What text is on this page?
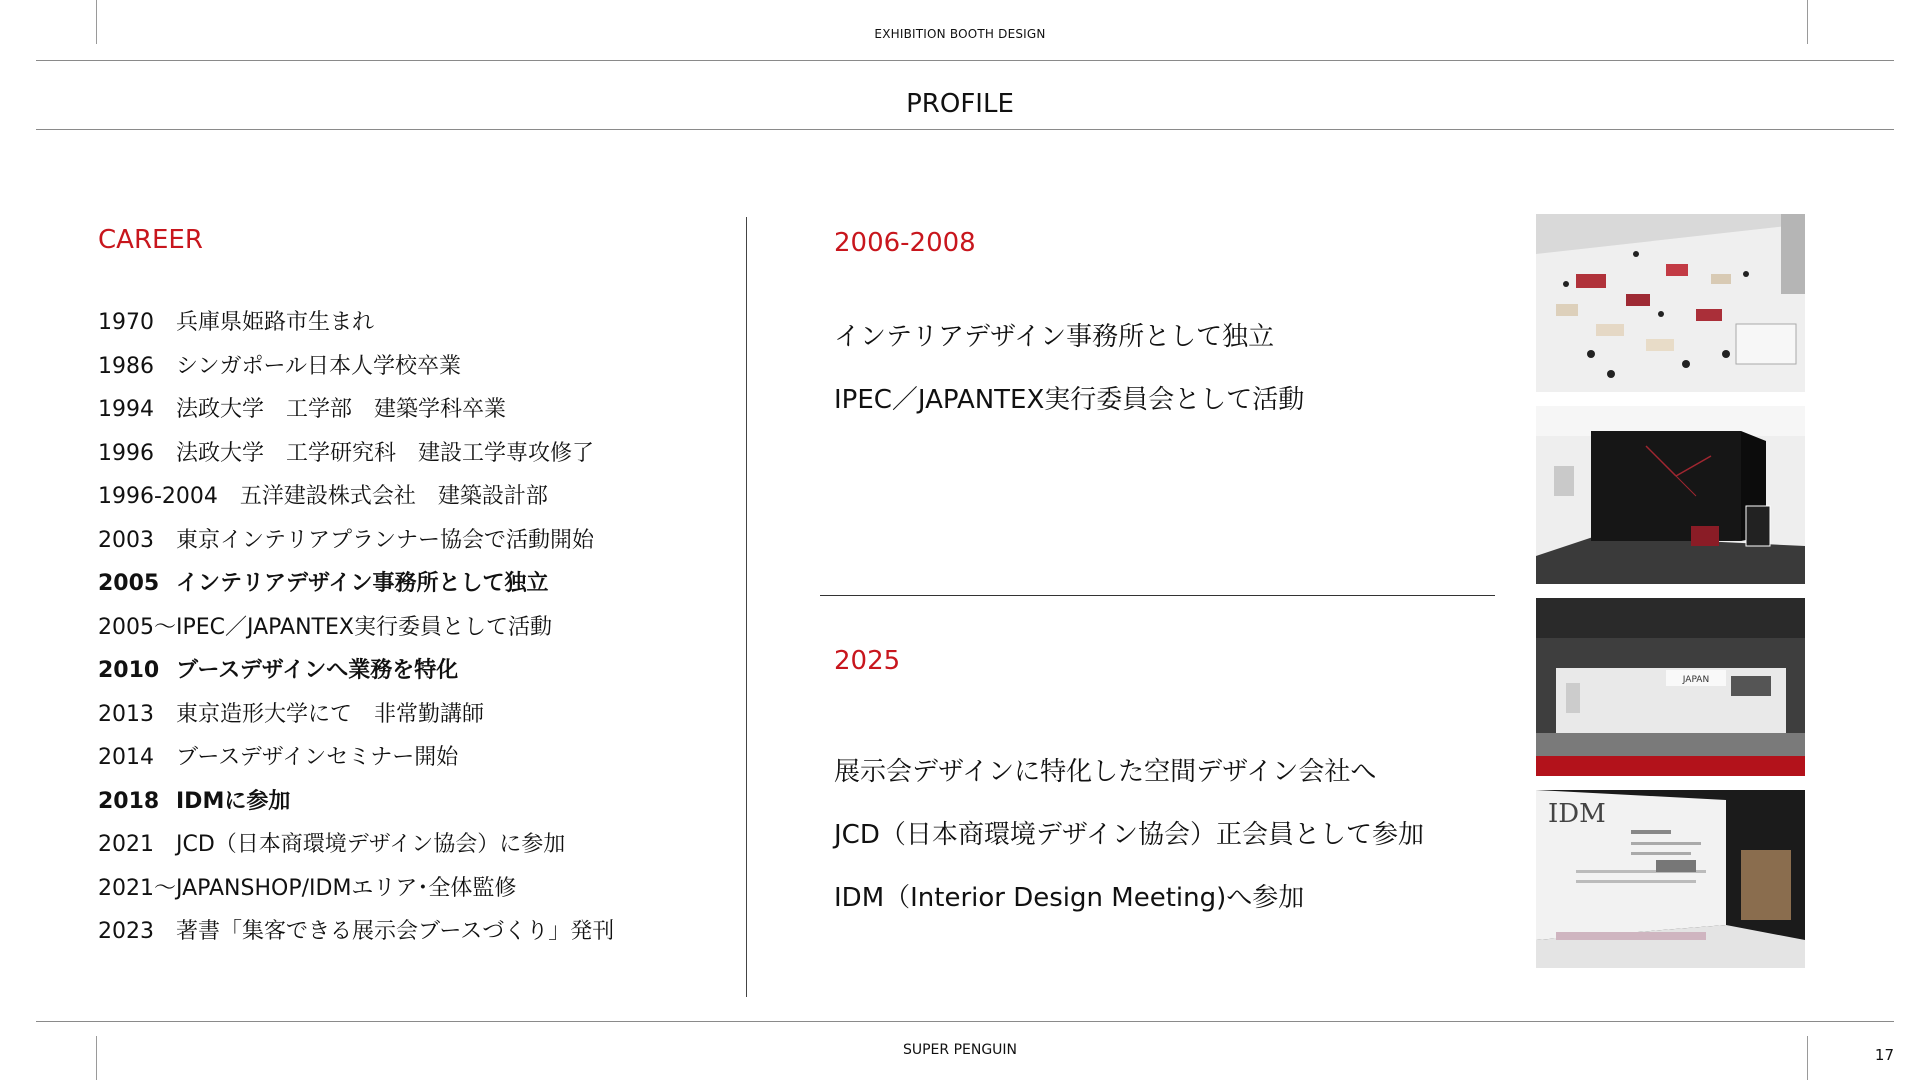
EXHIBITION BOOTH DESIGN
PROFILE
CAREER
1970 兵庫県姫路市生まれ
1986 シンガポール日本人学校卒業
1994 法政大学　工学部　建築学科卒業
1996 法政大学　工学研究科　建設工学専攻修了
1996-2004　五洋建設株式会社　建築設計部
2003 東京インテリアプランナー協会で活動開始
2005 インテリアデザイン事務所として独立
2005〜IPEC／JAPANTEX実行委員として活動
2010 ブースデザインへ業務を特化
2013 東京造形大学にて　非常勤講師
2014 ブースデザインセミナー開始
2018 IDMに参加
2021 JCD（日本商環境デザイン協会）に参加
2021〜JAPANSHOP/IDMエリア･全体監修
2023 著書「集客できる展示会ブースづくり」発刊
2006-2008
インテリアデザイン事務所として独立
IPEC／JAPANTEX実行委員会として活動
2025
展示会デザインに特化した空間デザイン会社へ
JCD（日本商環境デザイン協会）正会員として参加
IDM（Interior Design Meeting)へ参加
JAPAN
IDM
SUPER PENGUIN	17
